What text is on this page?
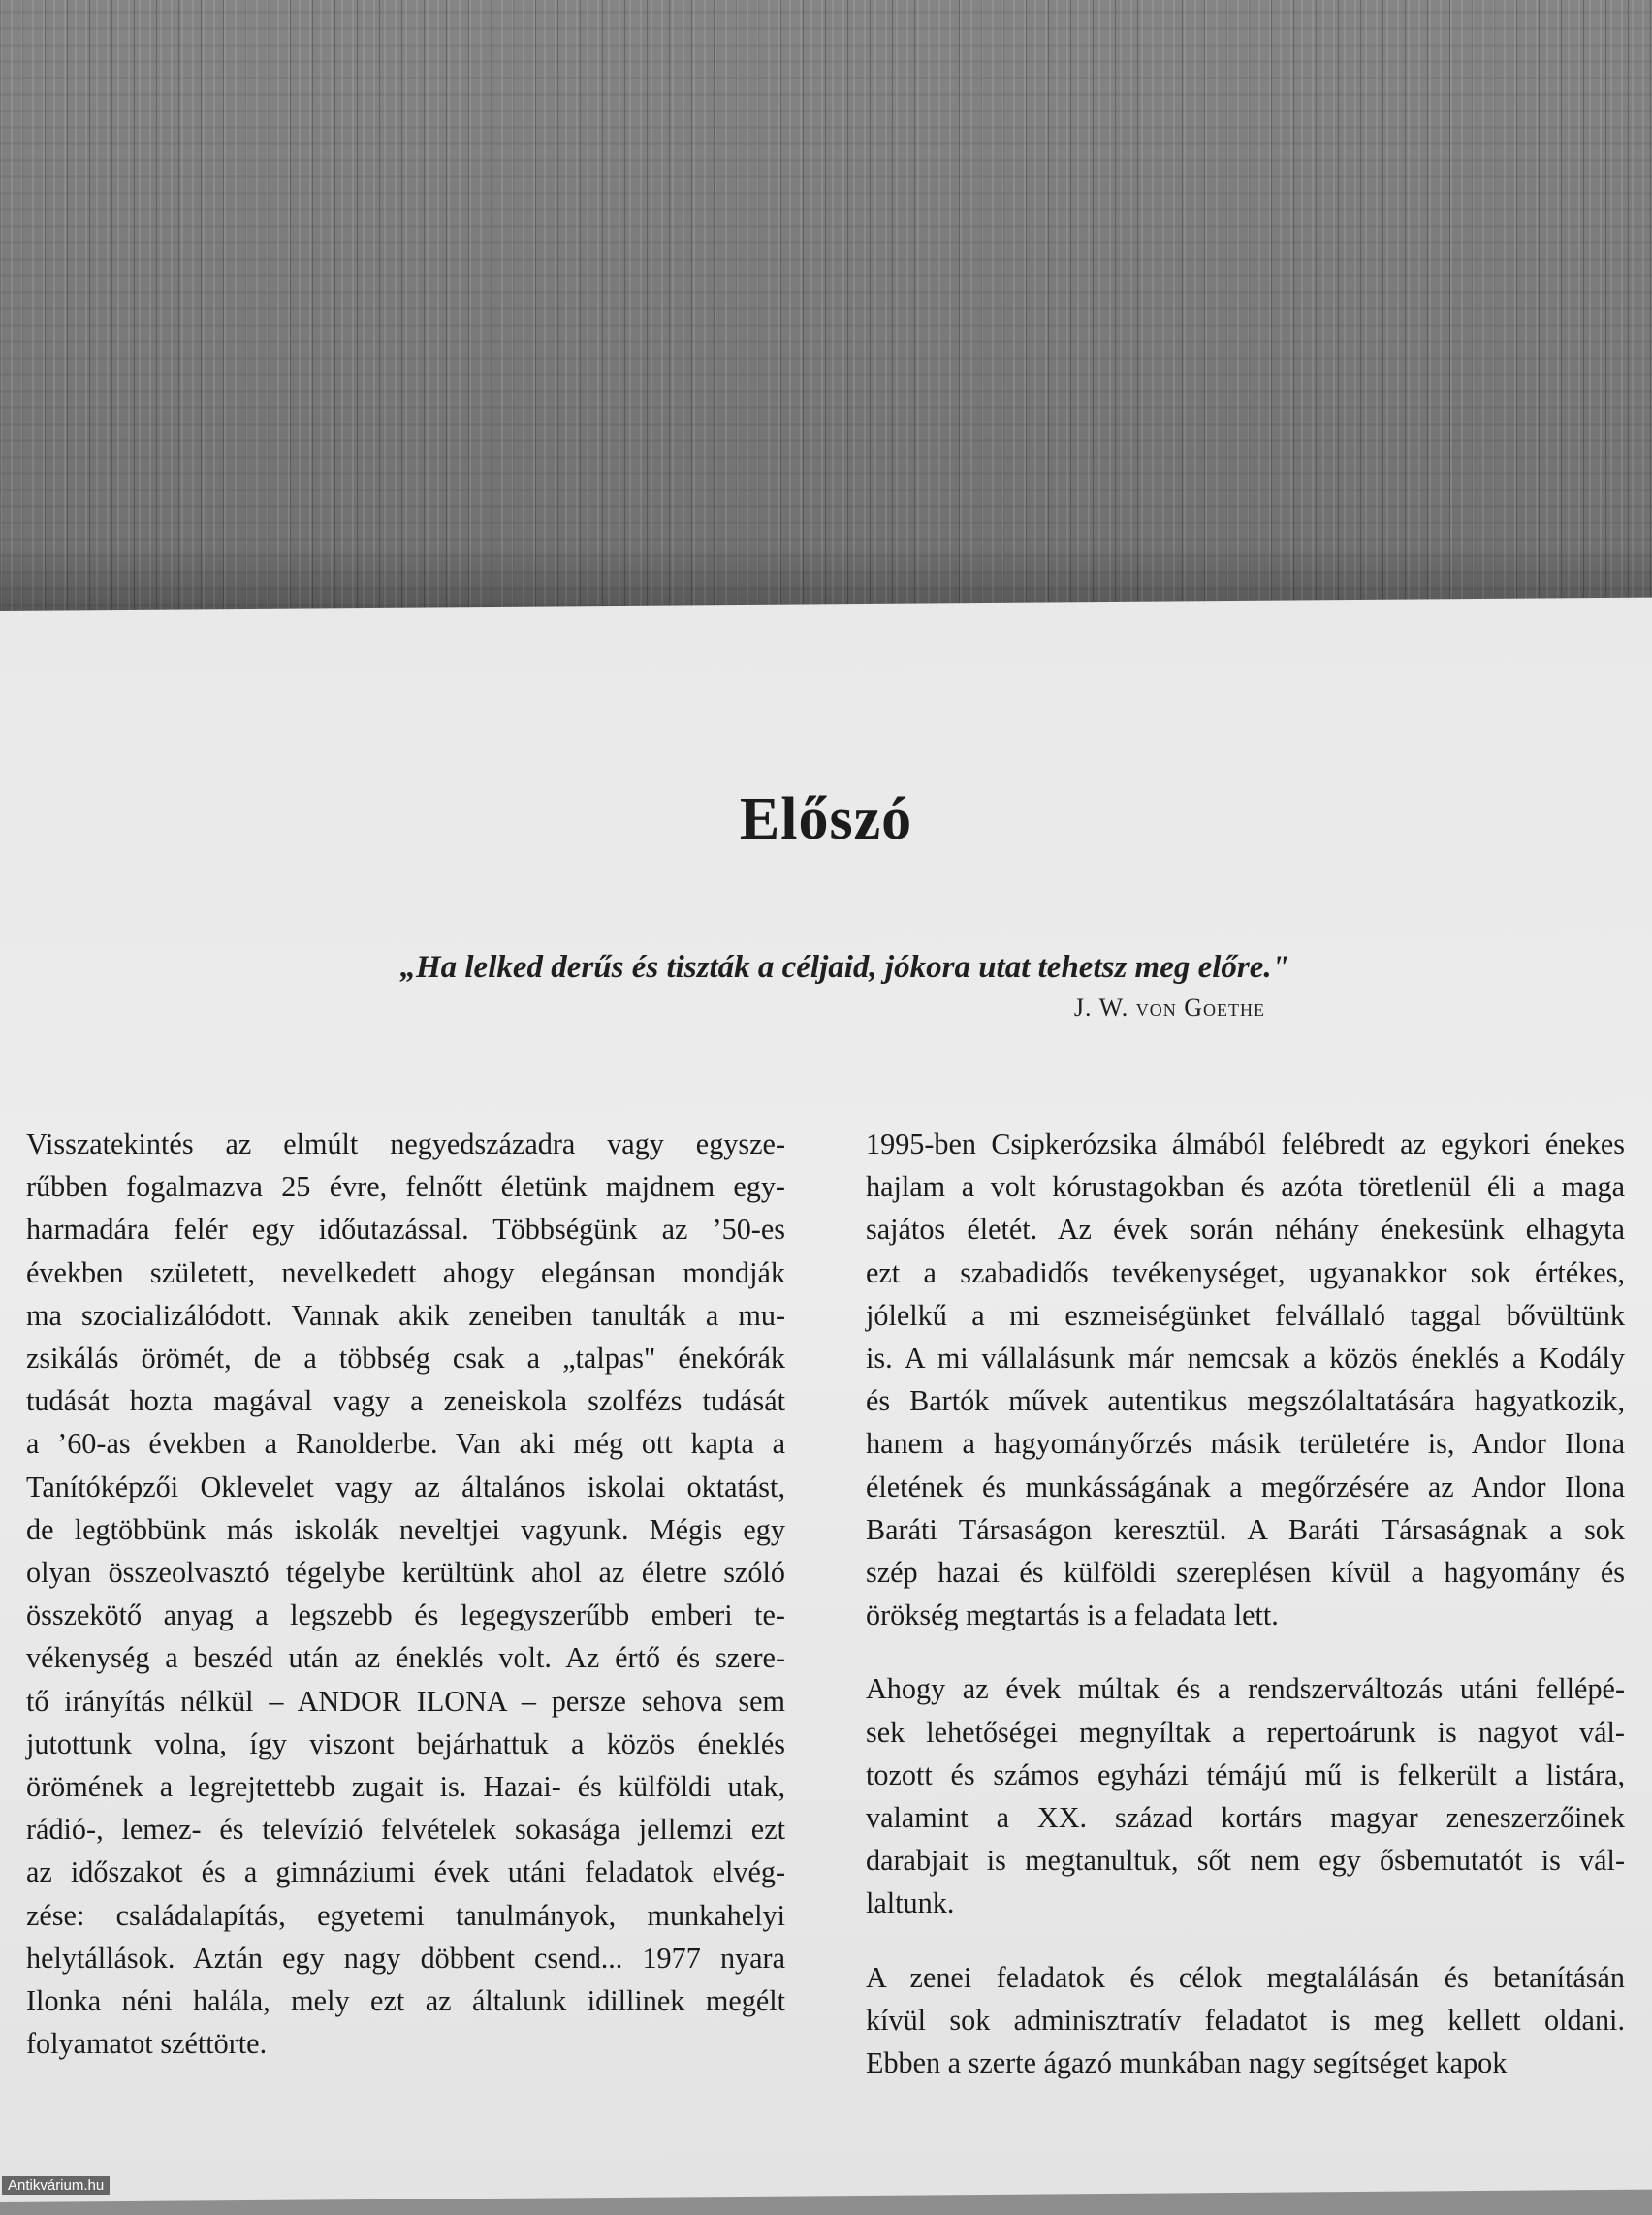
Előszó
„Ha lelked derűs és tiszták a céljaid, jókora utat tehetsz meg előre."
J. W. von Goethe
Visszatekintés az elmúlt negyedszázadra vagy egysze-
rűbben fogalmazva 25 évre, felnőtt életünk majdnem egy-
harmadára felér egy időutazással. Többségünk az ’50-es
években született, nevelkedett ahogy elegánsan mondják
ma szocializálódott. Vannak akik zeneiben tanulták a mu-
zsikálás örömét, de a többség csak a „talpas" énekórák
tudását hozta magával vagy a zeneiskola szolfézs tudását
a ’60-as években a Ranolderbe. Van aki még ott kapta a
Tanítóképzői Oklevelet vagy az általános iskolai oktatást,
de legtöbbünk más iskolák neveltjei vagyunk. Mégis egy
olyan összeolvasztó tégelybe kerültünk ahol az életre szóló
összekötő anyag a legszebb és legegyszerűbb emberi te-
vékenység a beszéd után az éneklés volt. Az értő és szere-
tő irányítás nélkül – ANDOR ILONA – persze sehova sem
jutottunk volna, így viszont bejárhattuk a közös éneklés
örömének a legrejtettebb zugait is. Hazai- és külföldi utak,
rádió-, lemez- és televízió felvételek sokasága jellemzi ezt
az időszakot és a gimnáziumi évek utáni feladatok elvég-
zése: családalapítás, egyetemi tanulmányok, munkahelyi
helytállások. Aztán egy nagy döbbent csend... 1977 nyara
Ilonka néni halála, mely ezt az általunk idillinek megélt
folyamatot széttörte.
1995-ben Csipkerózsika álmából felébredt az egykori énekes
hajlam a volt kórustagokban és azóta töretlenül éli a maga
sajátos életét. Az évek során néhány énekesünk elhagyta
ezt a szabadidős tevékenységet, ugyanakkor sok értékes,
jólelkű a mi eszmeiségünket felvállaló taggal bővültünk
is. A mi vállalásunk már nemcsak a közös éneklés a Kodály
és Bartók művek autentikus megszólaltatására hagyatkozik,
hanem a hagyományőrzés másik területére is, Andor Ilona
életének és munkásságának a megőrzésére az Andor Ilona
Baráti Társaságon keresztül. A Baráti Társaságnak a sok
szép hazai és külföldi szereplésen kívül a hagyomány és
örökség megtartás is a feladata lett.
Ahogy az évek múltak és a rendszerváltozás utáni fellépé-
sek lehetőségei megnyíltak a repertoárunk is nagyot vál-
tozott és számos egyházi témájú mű is felkerült a listára,
valamint a XX. század kortárs magyar zeneszerzőinek
darabjait is megtanultuk, sőt nem egy ősbemutatót is vál-
laltunk.
A zenei feladatok és célok megtalálásán és betanításán
kívül sok adminisztratív feladatot is meg kellett oldani.
Ebben a szerte ágazó munkában nagy segítséget kapok
Antikvárium.hu
